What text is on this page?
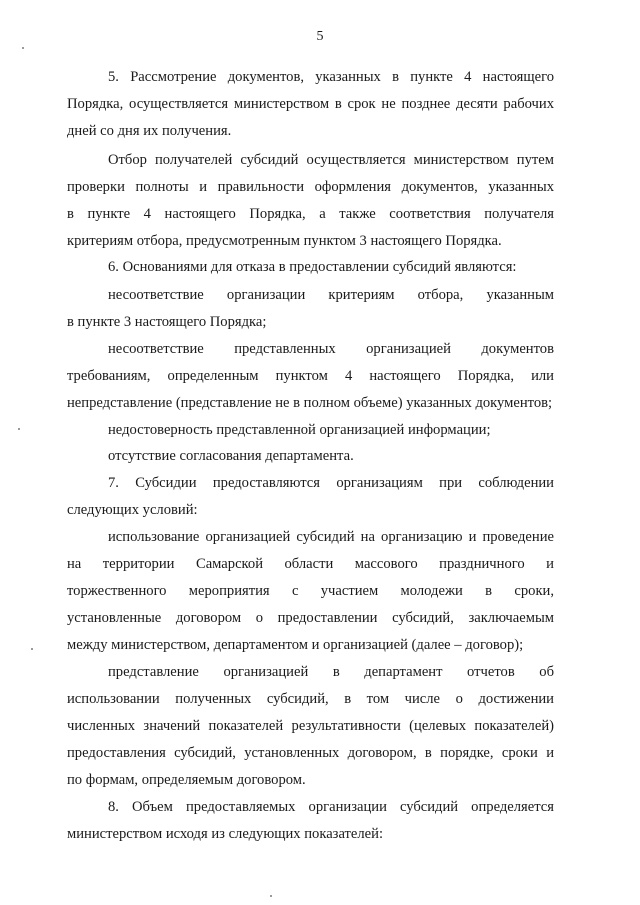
5
5. Рассмотрение документов, указанных в пункте 4 настоящего
Порядка, осуществляется министерством в срок не позднее десяти рабочих
дней со дня их получения.
Отбор получателей субсидий осуществляется министерством путем
проверки полноты и правильности оформления документов, указанных
в пункте 4 настоящего Порядка, а также соответствия получателя
критериям отбора, предусмотренным пунктом 3 настоящего Порядка.
6. Основаниями для отказа в предоставлении субсидий являются:
несоответствие организации критериям отбора, указанным
в пункте 3 настоящего Порядка;
несоответствие представленных организацией документов
требованиям, определенным пунктом 4 настоящего Порядка, или
непредставление (представление не в полном объеме) указанных документов;
недостоверность представленной организацией информации;
отсутствие согласования департамента.
7. Субсидии предоставляются организациям при соблюдении
следующих условий:
использование организацией субсидий на организацию и проведение
на территории Самарской области массового праздничного и
торжественного мероприятия с участием молодежи в сроки,
установленные договором о предоставлении субсидий, заключаемым
между министерством, департаментом и организацией (далее – договор);
представление организацией в департамент отчетов об
использовании полученных субсидий, в том числе о достижении
численных значений показателей результативности (целевых показателей)
предоставления субсидий, установленных договором, в порядке, сроки и
по формам, определяемым договором.
8. Объем предоставляемых организации субсидий определяется
министерством исходя из следующих показателей:
